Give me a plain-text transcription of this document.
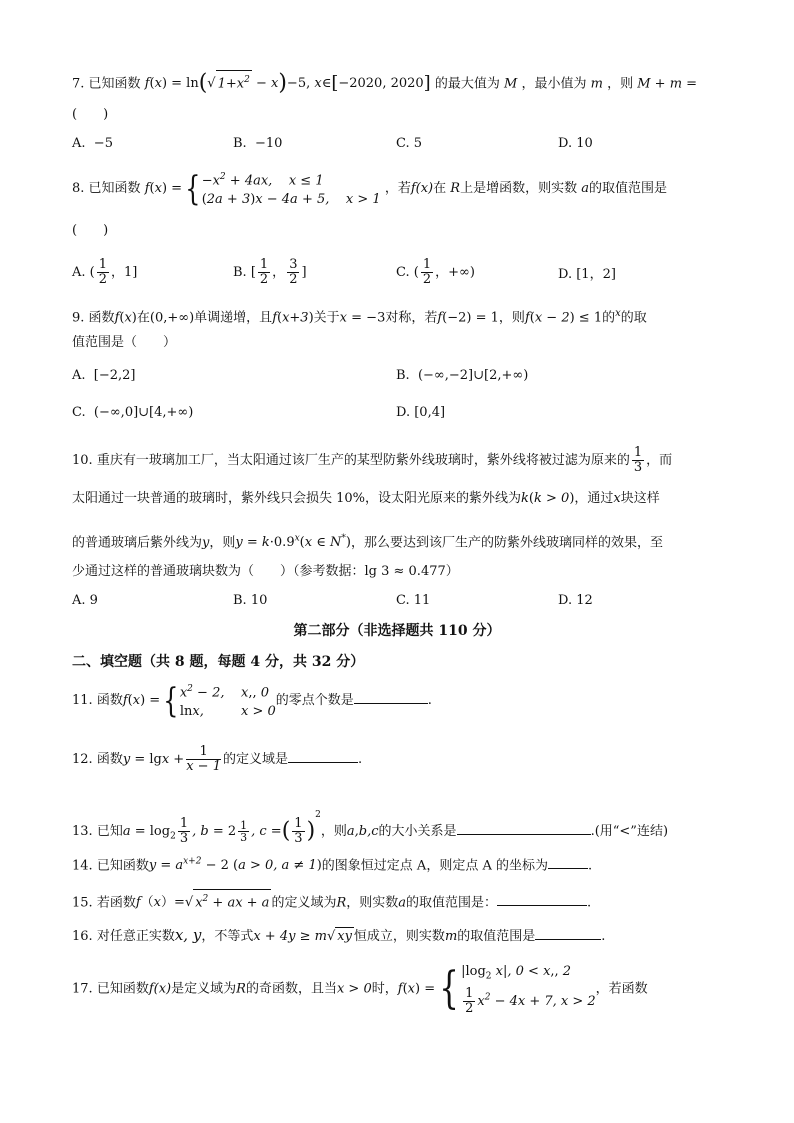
7. 已知函数 f(x) = ln(√ $1+x^2 - x)-5$, x∈[−2020, 2020] 的最大值为 M ，最小值为 m ，则 M + m =
(　　)
A. −5	B. −10	C. 5	D. 10
8. 已知函数 f(x) ={ $-x^2 + 4ax$,    x ≤ 1
(2a + 3)x − 4a + 5,    x > 1
，若f(x)在 R上是增函数，则实数 a的取值范围是
(　　)
A. ( $\frac{1}{2}$ ，1]	B. [ $\frac{1}{2}$ ， $\frac{3}{2}$ ]	C. ( $\frac{1}{2}$ ，+∞)	D. [1，2]
9. 函数f(x)在(0,+∞)单调递增，且f(x+3)关于x = −3对称，若f(−2) = 1，则f(x − 2) ≤ 1的$^x$的取
值范围是（　　）
A. [−2,2]	B. (−∞,−2]∪[2,+∞)
C. (−∞,0]∪[4,+∞)	D. [0,4]
10. 重庆有一玻璃加工厂，当太阳通过该厂生产的某型防紫外线玻璃时，紫外线将被过滤为原来的 $\frac{1}{3}$ ，而
太阳通过一块普通的玻璃时，紫外线只会损失 10%，设太阳光原来的紫外线为k(k > 0)，通过x块这样
的普通玻璃后紫外线为y，则$y = k\cdot 0.9^x(x$ ∈ N*)，那么要达到该厂生产的防紫外线玻璃同样的效果，至
少通过这样的普通玻璃块数为（　　）（参考数据：lg 3 ≈ 0.477）
A. 9	B. 10	C. 11	D. 12
第二部分（非选择题共 110 分）
二、填空题（共 8 题，每题 4 分，共 32 分）
11. 函数f(x) ={ $x^2 - 2$,    x,, 0
lnx,         x > 0
的零点个数是	.
12. 函数$y = \lg x + \frac{1}{x - 1}$ 的定义域是	.
13. 已知$a = \log_2 \frac{1}{3}$ , $b = 2 \frac{1}{3}$ , c =( $\frac{1}{3} )^2$，则a,b,c的大小关系是	.(用“<”连结)
14. 已知函数$y = a^{x+2} - 2$ (a > 0, a ≠ 1)的图象恒过定点 A，则定点 A 的坐标为	.
15. 若函数f（x）=√ $x^2$ + ax + a 的定义域为R，则实数a的取值范围是：	.
16. 对任意正实数x, y，不等式x + 4y ≥ m√ xy 恒成立，则实数m的取值范围是	.
17. 已知函数f(x)是定义域为R的奇函数，且当x > 0时，f(x) ={ $|\log_2$ x|, 0 < x,, 2
$\frac{1}{2} x^2 - 4x + 7$, x > 2
，若函数
